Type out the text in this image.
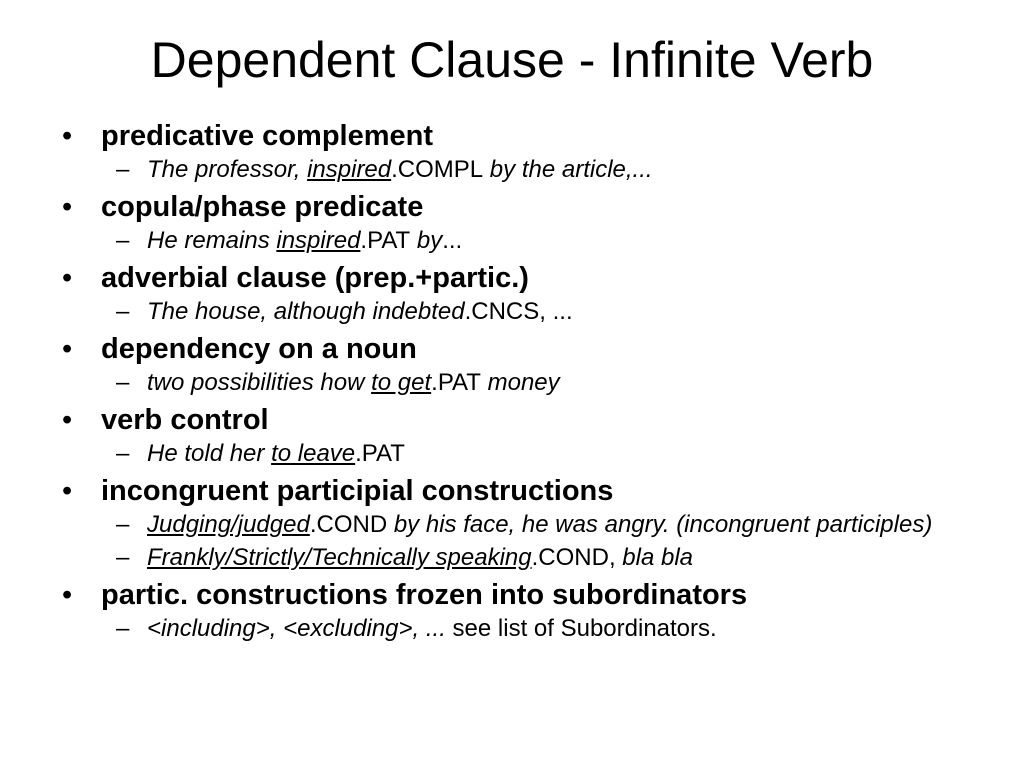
Dependent Clause - Infinite Verb
• predicative complement
– The professor, inspired.COMPL by the article,...
• copula/phase predicate
– He remains inspired.PAT by...
• adverbial clause (prep.+partic.)
– The house, although indebted.CNCS, ...
• dependency on a noun
– two possibilities how to get.PAT money
• verb control
– He told her to leave.PAT
• incongruent participial constructions
– Judging/judged.COND by his face, he was angry. (incongruent participles)
– Frankly/Strictly/Technically speaking.COND, bla bla
• partic. constructions frozen into subordinators
– <including>, <excluding>, ... see list of Subordinators.
